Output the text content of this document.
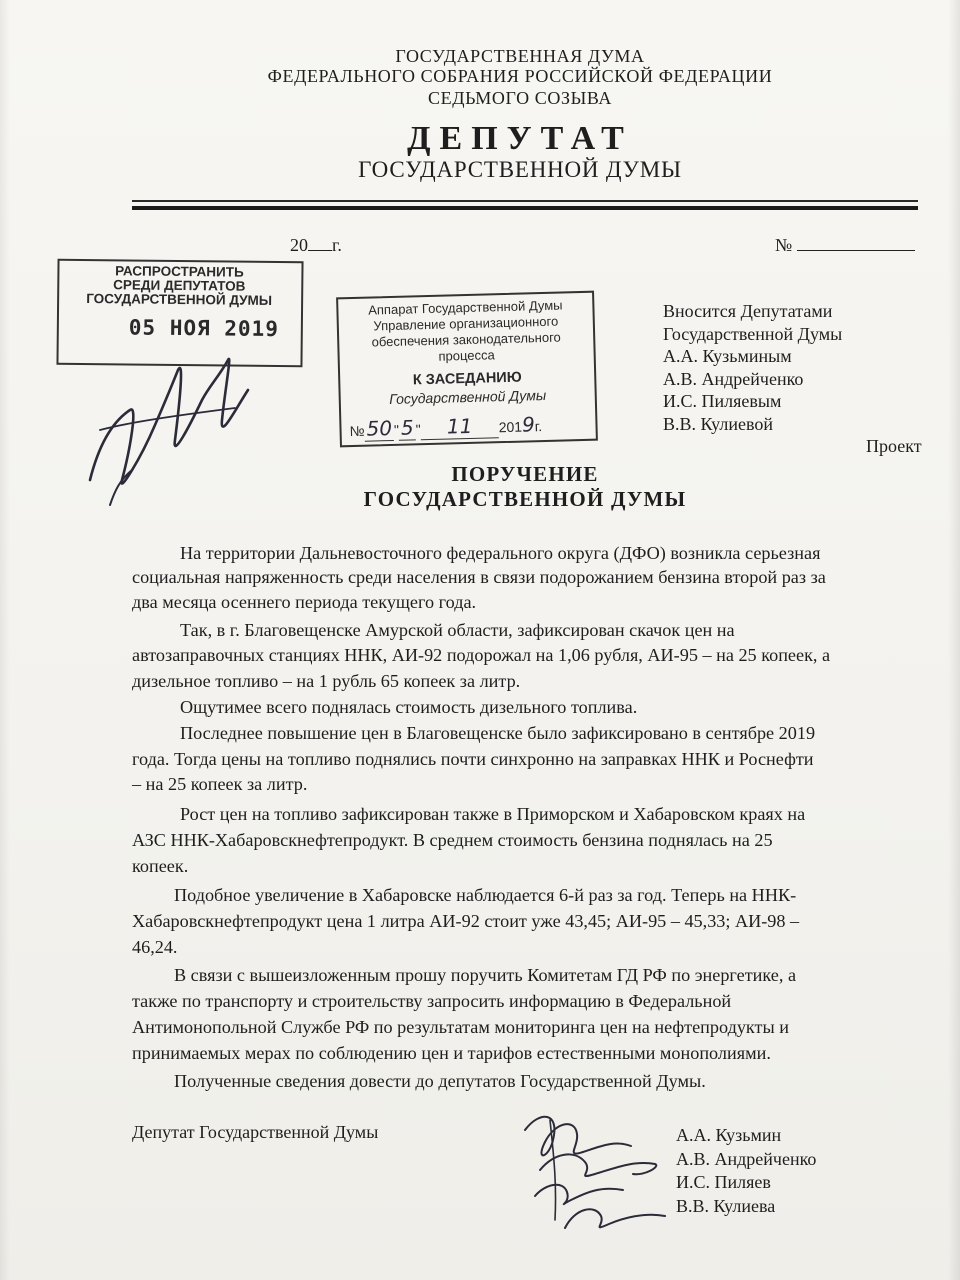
ГОСУДАРСТВЕННАЯ ДУМА
ФЕДЕРАЛЬНОГО СОБРАНИЯ РОССИЙСКОЙ ФЕДЕРАЦИИ
СЕДЬМОГО СОЗЫВА
ДЕПУТАТ
ГОСУДАРСТВЕННОЙ ДУМЫ
20 г.	№
РАСПРОСТРАНИТЬ
СРЕДИ ДЕПУТАТОВ
ГОСУДАРСТВЕННОЙ ДУМЫ
05 НОЯ 2019
Аппарат Государственной Думы
Управление организационного
обеспечения законодательного
процесса
К ЗАСЕДАНИЮ
Государственной Думы
№50 "5 " 11 2019г.
Вносится Депутатами
Государственной Думы
А.А. Кузьминым
А.В. Андрейченко
И.С. Пиляевым
В.В. Кулиевой
Проект
ПОРУЧЕНИЕ
ГОСУДАРСТВЕННОЙ ДУМЫ
На территории Дальневосточного федерального округа (ДФО) возникла серьезная
социальная напряженность среди населения в связи подорожанием бензина второй раз за
два месяца осеннего периода текущего года.
Так, в г. Благовещенске Амурской области, зафиксирован скачок цен на
автозаправочных станциях ННК, АИ-92 подорожал на 1,06 рубля, АИ-95 – на 25 копеек, а
дизельное топливо – на 1 рубль 65 копеек за литр.
Ощутимее всего поднялась стоимость дизельного топлива.
Последнее повышение цен в Благовещенске было зафиксировано в сентябре 2019
года. Тогда цены на топливо поднялись почти синхронно на заправках ННК и Роснефти
– на 25 копеек за литр.
Рост цен на топливо зафиксирован также в Приморском и Хабаровском краях на
АЗС ННК-Хабаровскнефтепродукт. В среднем стоимость бензина поднялась на 25
копеек.
Подобное увеличение в Хабаровске наблюдается 6-й раз за год. Теперь на ННК-
Хабаровскнефтепродукт цена 1 литра АИ-92 стоит уже 43,45; АИ-95 – 45,33; АИ-98 –
46,24.
В связи с вышеизложенным прошу поручить Комитетам ГД РФ по энергетике, а
также по транспорту и строительству запросить информацию в Федеральной
Антимонопольной Службе РФ по результатам мониторинга цен на нефтепродукты и
принимаемых мерах по соблюдению цен и тарифов естественными монополиями.
Полученные сведения довести до депутатов Государственной Думы.
Депутат Государственной Думы	А.А. Кузьмин
А.В. Андрейченко
И.С. Пиляев
В.В. Кулиева
